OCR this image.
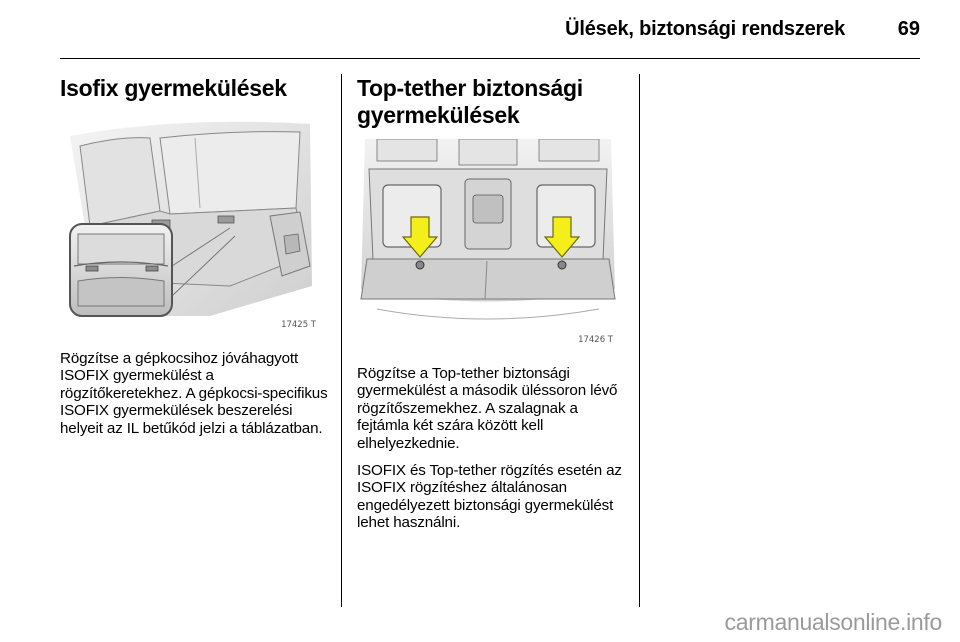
Ülések, biztonsági rendszerek	69
Isofix gyermekülések
17425 T

Rögzítse a gépkocsihoz jóváhagyott ISOFIX gyermekülést a rögzítőkeretekhez. A gépkocsi-specifikus ISOFIX gyermekülések beszerelési helyeit az IL betűkód jelzi a táblázatban.

Top-tether biztonsági gyermekülések
17426 T

Rögzítse a Top-tether biztonsági gyermekülést a második üléssoron lévő rögzítőszemekhez. A szalagnak a fejtámla két szára között kell elhelyezkednie.

ISOFIX és Top-tether rögzítés esetén az ISOFIX rögzítéshez általánosan engedélyezett biztonsági gyermekülést lehet használni.

carmanualsonline.info
